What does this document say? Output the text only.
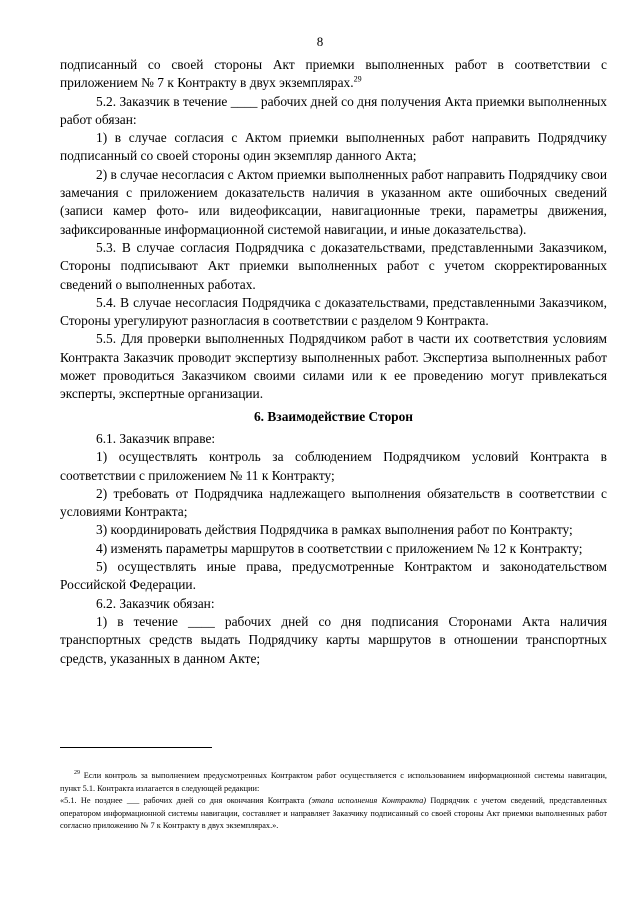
8

подписанный со своей стороны Акт приемки выполненных работ в соответствии с приложением № 7 к Контракту в двух экземплярах.$^{29}$

5.2. Заказчик в течение ____ рабочих дней со дня получения Акта приемки выполненных работ обязан:

1) в случае согласия с Актом приемки выполненных работ направить Подрядчику подписанный со своей стороны один экземпляр данного Акта;

2) в случае несогласия с Актом приемки выполненных работ направить Подрядчику свои замечания с приложением доказательств наличия в указанном акте ошибочных сведений (записи камер фото- или видеофиксации, навигационные треки, параметры движения, зафиксированные информационной системой навигации, и иные доказательства).

5.3. В случае согласия Подрядчика с доказательствами, представленными Заказчиком, Стороны подписывают Акт приемки выполненных работ с учетом скорректированных сведений о выполненных работах.

5.4. В случае несогласия Подрядчика с доказательствами, представленными Заказчиком, Стороны урегулируют разногласия в соответствии с разделом 9 Контракта.

5.5. Для проверки выполненных Подрядчиком работ в части их соответствия условиям Контракта Заказчик проводит экспертизу выполненных работ. Экспертиза выполненных работ может проводиться Заказчиком своими силами или к ее проведению могут привлекаться эксперты, экспертные организации.

6. Взаимодействие Сторон

6.1. Заказчик вправе:

1) осуществлять контроль за соблюдением Подрядчиком условий Контракта в соответствии с приложением № 11 к Контракту;

2) требовать от Подрядчика надлежащего выполнения обязательств в соответствии с условиями Контракта;

3) координировать действия Подрядчика в рамках выполнения работ по Контракту;

4) изменять параметры маршрутов в соответствии с приложением № 12 к Контракту;

5) осуществлять иные права, предусмотренные Контрактом и законодательством Российской Федерации.

6.2. Заказчик обязан:

1) в течение ____ рабочих дней со дня подписания Сторонами Акта наличия транспортных средств выдать Подрядчику карты маршрутов в отношении транспортных средств, указанных в данном Акте;

$^{29}$ Если контроль за выполнением предусмотренных Контрактом работ осуществляется с использованием информационной системы навигации, пункт 5.1. Контракта излагается в следующей редакции:

«5.1. Не позднее ___ рабочих дней со дня окончания Контракта (этапа исполнения Контракта) Подрядчик с учетом сведений, представленных оператором информационной системы навигации, составляет и направляет Заказчику подписанный со своей стороны Акт приемки выполненных работ согласно приложению № 7 к Контракту в двух экземплярах.».
